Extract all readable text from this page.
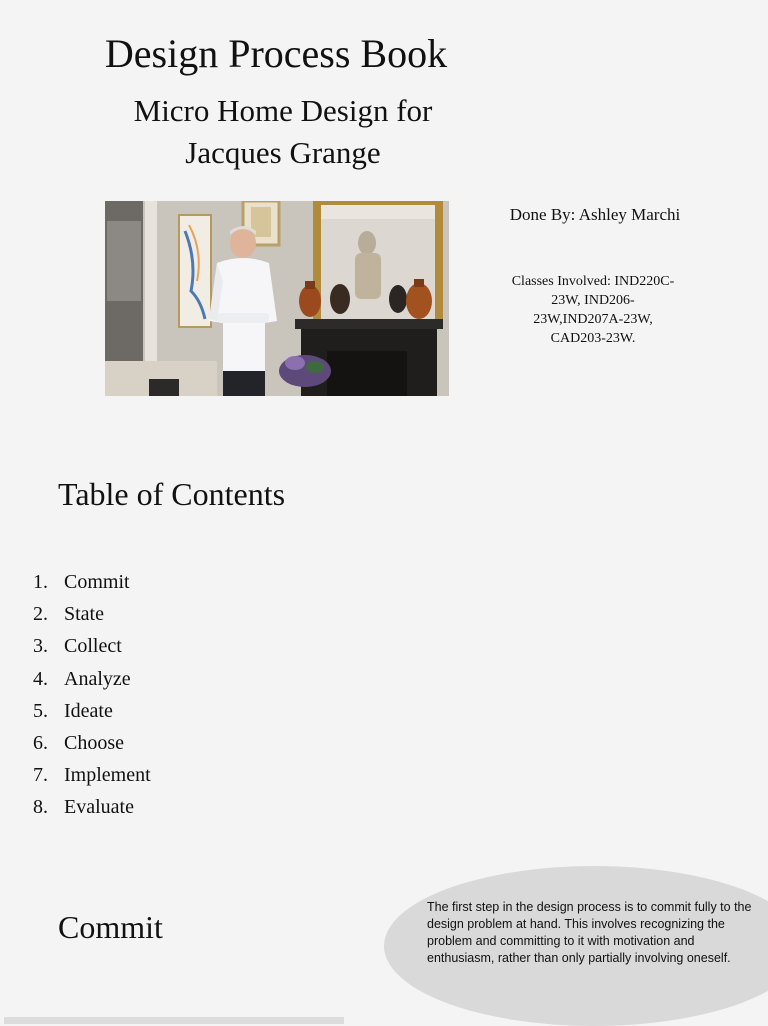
Design Process Book
Micro Home Design for
Jacques Grange
Done By: Ashley Marchi
Classes Involved: IND220C-
23W, IND206-
23W,IND207A-23W,
CAD203-23W.
Table of Contents
1. Commit
2. State
3. Collect
4. Analyze
5. Ideate
6. Choose
7. Implement
8. Evaluate
Commit
The first step in the design process is to commit fully to the design problem at hand. This involves recognizing the problem and committing to it with motivation and enthusiasm, rather than only partially involving oneself.
